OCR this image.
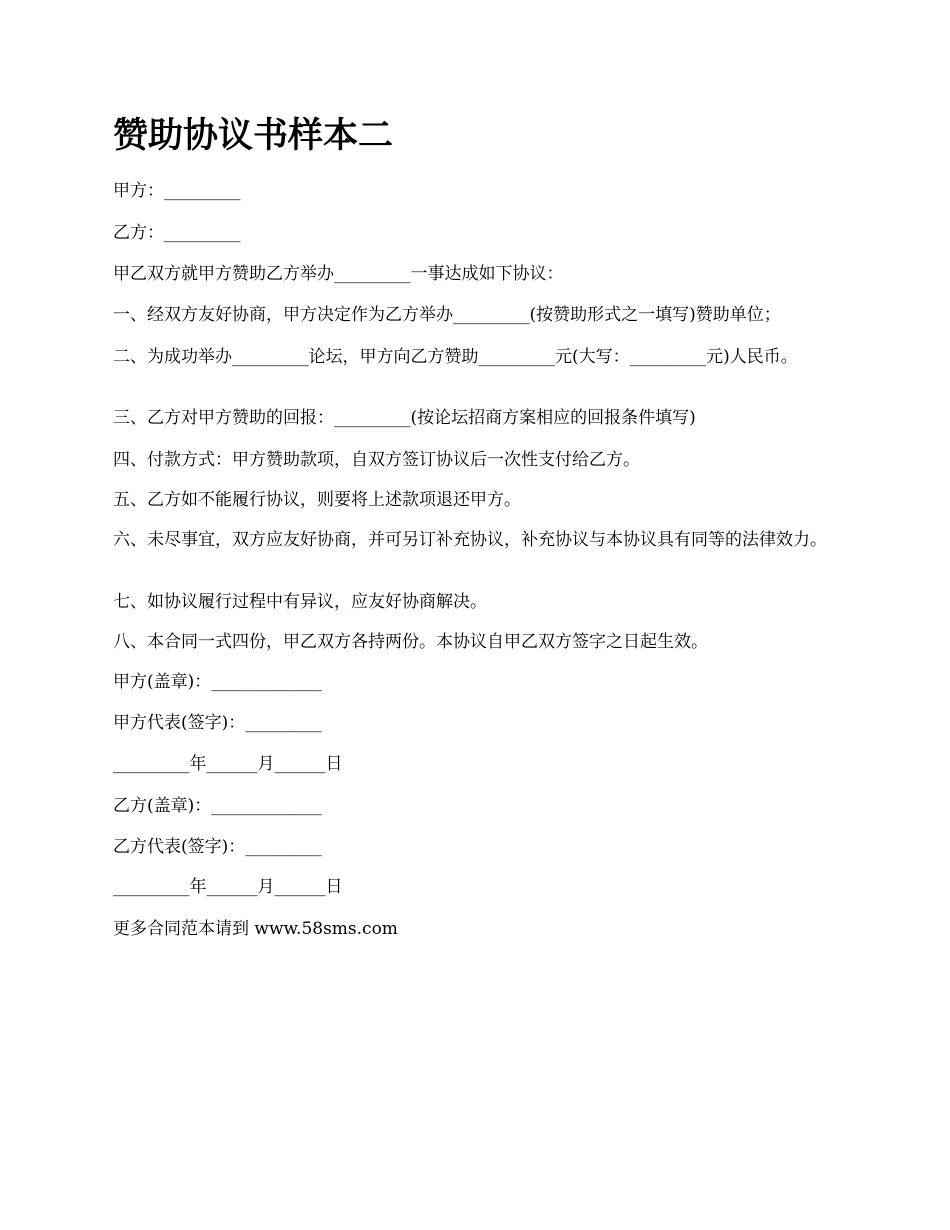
赞助协议书样本二

甲方：_________

乙方：_________

甲乙双方就甲方赞助乙方举办_________一事达成如下协议：

一、经双方友好协商，甲方决定作为乙方举办_________(按赞助形式之一填写)赞助单位；

二、为成功举办_________论坛，甲方向乙方赞助_________元(大写：_________元)人民币。

三、乙方对甲方赞助的回报：_________(按论坛招商方案相应的回报条件填写)

四、付款方式：甲方赞助款项，自双方签订协议后一次性支付给乙方。

五、乙方如不能履行协议，则要将上述款项退还甲方。

六、未尽事宜，双方应友好协商，并可另订补充协议，补充协议与本协议具有同等的法律效力。

七、如协议履行过程中有异议，应友好协商解决。

八、本合同一式四份，甲乙双方各持两份。本协议自甲乙双方签字之日起生效。

甲方(盖章)：_____________

甲方代表(签字)：_________

_________年______月______日

乙方(盖章)：_____________

乙方代表(签字)：_________

_________年______月______日

更多合同范本请到 www.58sms.com
